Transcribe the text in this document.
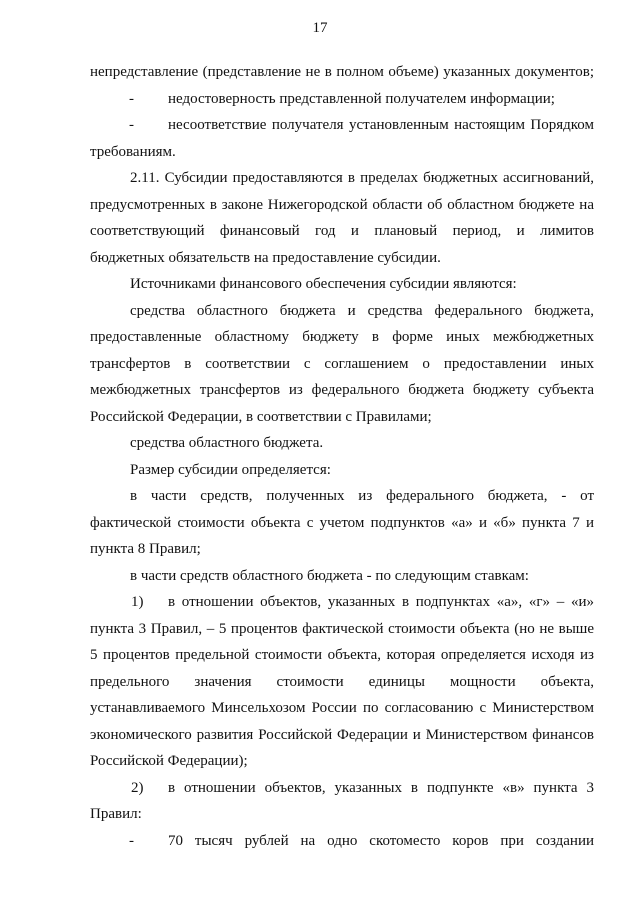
17
непредставление (представление не в полном объеме) указанных документов;
- недостоверность представленной получателем информации;
- несоответствие получателя установленным настоящим Порядком
требованиям.
2.11. Субсидии предоставляются в пределах бюджетных ассигнований,
предусмотренных в законе Нижегородской области об областном бюджете на
соответствующий финансовый год и плановый период, и лимитов
бюджетных обязательств на предоставление субсидии.
Источниками финансового обеспечения субсидии являются:
средства областного бюджета и средства федерального бюджета,
предоставленные областному бюджету в форме иных межбюджетных
трансфертов в соответствии с соглашением о предоставлении иных
межбюджетных трансфертов из федерального бюджета бюджету субъекта
Российской Федерации, в соответствии с Правилами;
средства областного бюджета.
Размер субсидии определяется:
в части средств, полученных из федерального бюджета, - от
фактической стоимости объекта с учетом подпунктов «а» и «б» пункта 7 и
пункта 8 Правил;
в части средств областного бюджета - по следующим ставкам:
1) в отношении объектов, указанных в подпунктах «а», «г» – «и»
пункта 3 Правил, – 5 процентов фактической стоимости объекта (но не выше
5 процентов предельной стоимости объекта, которая определяется исходя из
предельного значения стоимости единицы мощности объекта,
устанавливаемого Минсельхозом России по согласованию с Министерством
экономического развития Российской Федерации и Министерством финансов
Российской Федерации);
2) в отношении объектов, указанных в подпункте «в» пункта 3
Правил:
- 70 тысяч рублей на одно скотоместо коров при создании
